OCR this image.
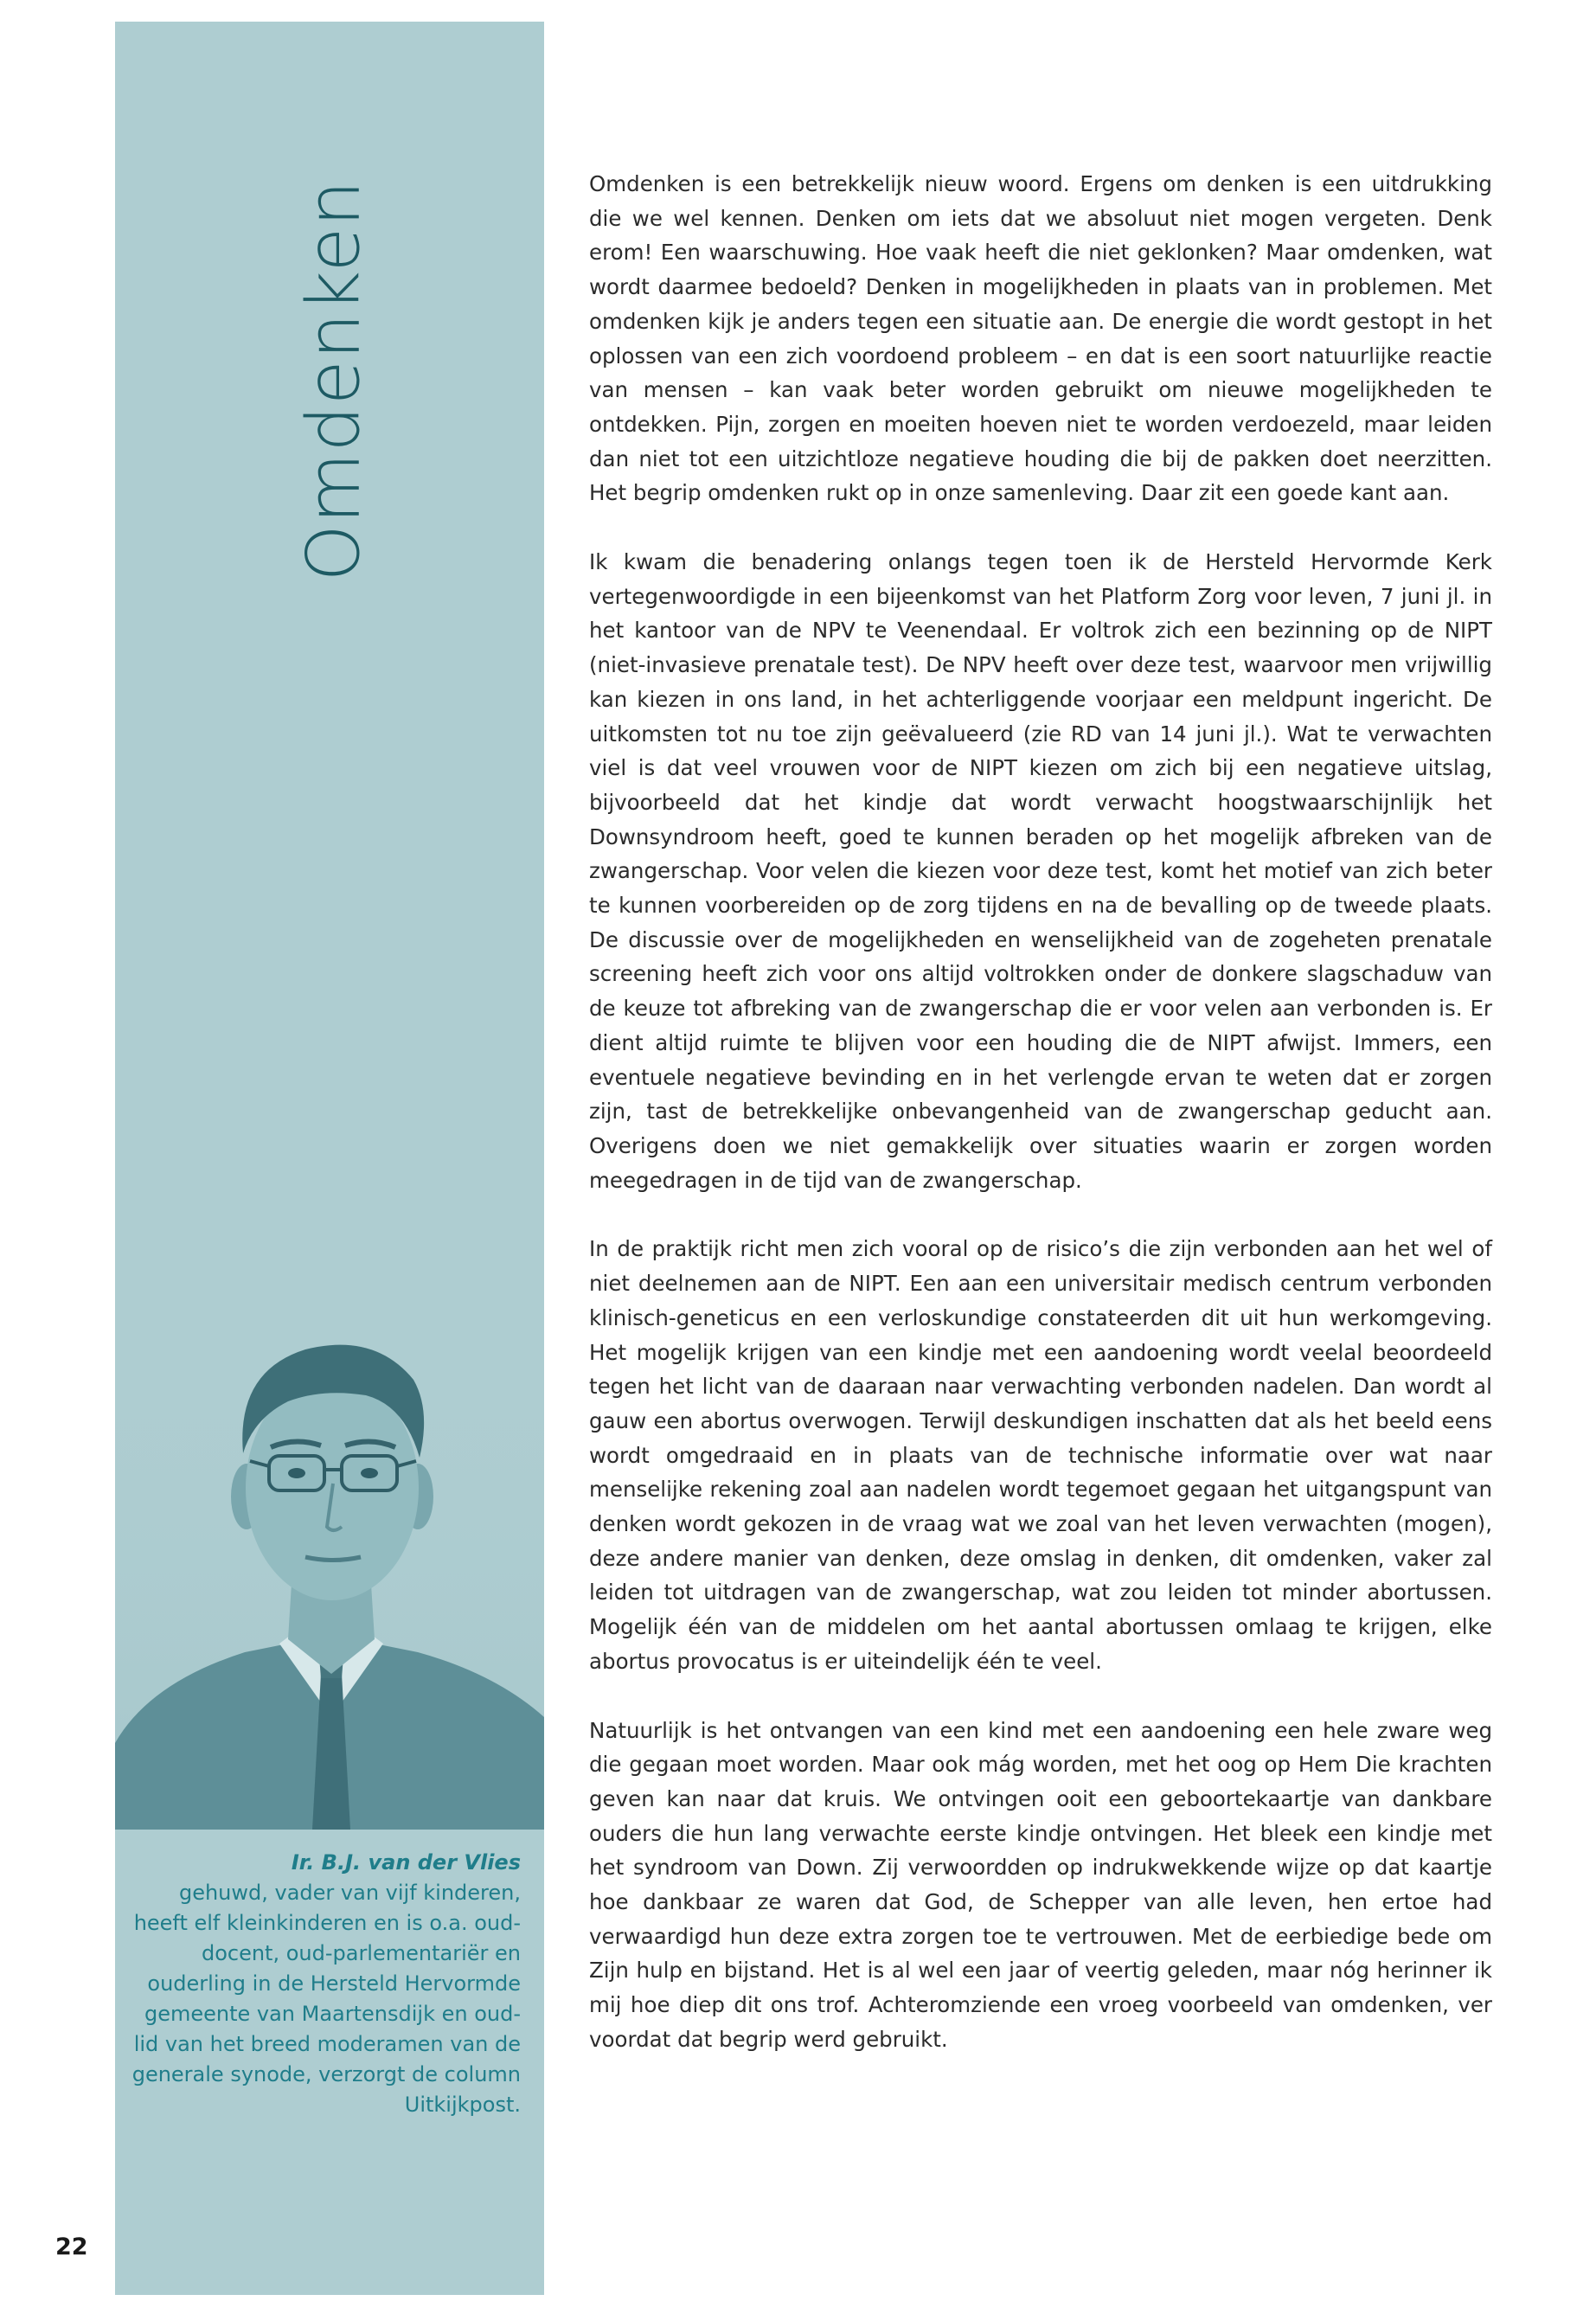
Omdenken
Ir. B.J. van der Vlies
gehuwd, vader van vijf kinderen, heeft elf kleinkinderen en is o.a. oud-docent, oud-parlementariër en ouderling in de Hersteld Hervormde gemeente van Maartensdijk en oud-lid van het breed moderamen van de generale synode, verzorgt de column Uitkijkpost.

Omdenken is een betrekkelijk nieuw woord. Ergens om denken is een uitdrukking die we wel kennen. Denken om iets dat we absoluut niet mogen vergeten. Denk erom! Een waarschuwing. Hoe vaak heeft die niet geklonken? Maar omdenken, wat wordt daarmee bedoeld? Denken in mogelijkheden in plaats van in problemen. Met omdenken kijk je anders tegen een situatie aan. De energie die wordt gestopt in het oplossen van een zich voordoend probleem – en dat is een soort natuurlijke reactie van mensen – kan vaak beter worden gebruikt om nieuwe mogelijkheden te ontdekken. Pijn, zorgen en moeiten hoeven niet te worden verdoezeld, maar leiden dan niet tot een uitzichtloze negatieve houding die bij de pakken doet neerzitten. Het begrip omdenken rukt op in onze samenleving. Daar zit een goede kant aan.

Ik kwam die benadering onlangs tegen toen ik de Hersteld Hervormde Kerk vertegenwoordigde in een bijeenkomst van het Platform Zorg voor leven, 7 juni jl. in het kantoor van de NPV te Veenendaal. Er voltrok zich een bezinning op de NIPT (niet-invasieve prenatale test). De NPV heeft over deze test, waarvoor men vrijwillig kan kiezen in ons land, in het achterliggende voorjaar een meldpunt ingericht. De uitkomsten tot nu toe zijn geëvalueerd (zie RD van 14 juni jl.). Wat te verwachten viel is dat veel vrouwen voor de NIPT kiezen om zich bij een negatieve uitslag, bijvoorbeeld dat het kindje dat wordt verwacht hoogstwaarschijnlijk het Downsyndroom heeft, goed te kunnen beraden op het mogelijk afbreken van de zwangerschap. Voor velen die kiezen voor deze test, komt het motief van zich beter te kunnen voorbereiden op de zorg tijdens en na de bevalling op de tweede plaats. De discussie over de mogelijkheden en wenselijkheid van de zogeheten prenatale screening heeft zich voor ons altijd voltrokken onder de donkere slagschaduw van de keuze tot afbreking van de zwangerschap die er voor velen aan verbonden is. Er dient altijd ruimte te blijven voor een houding die de NIPT afwijst. Immers, een eventuele negatieve bevinding en in het verlengde ervan te weten dat er zorgen zijn, tast de betrekkelijke onbevangenheid van de zwangerschap geducht aan. Overigens doen we niet gemakkelijk over situaties waarin er zorgen worden meegedragen in de tijd van de zwangerschap.

In de praktijk richt men zich vooral op de risico’s die zijn verbonden aan het wel of niet deelnemen aan de NIPT. Een aan een universitair medisch centrum verbonden klinisch-geneticus en een verloskundige constateerden dit uit hun werkomgeving. Het mogelijk krijgen van een kindje met een aandoening wordt veelal beoordeeld tegen het licht van de daaraan naar verwachting verbonden nadelen. Dan wordt al gauw een abortus overwogen. Terwijl deskundigen inschatten dat als het beeld eens wordt omgedraaid en in plaats van de technische informatie over wat naar menselijke rekening zoal aan nadelen wordt tegemoet gegaan het uitgangspunt van denken wordt gekozen in de vraag wat we zoal van het leven verwachten (mogen), deze andere manier van denken, deze omslag in denken, dit omdenken, vaker zal leiden tot uitdragen van de zwangerschap, wat zou leiden tot minder abortussen. Mogelijk één van de middelen om het aantal abortussen omlaag te krijgen, elke abortus provocatus is er uiteindelijk één te veel.

Natuurlijk is het ontvangen van een kind met een aandoening een hele zware weg die gegaan moet worden. Maar ook mág worden, met het oog op Hem Die krachten geven kan naar dat kruis. We ontvingen ooit een geboortekaartje van dankbare ouders die hun lang verwachte eerste kindje ontvingen. Het bleek een kindje met het syndroom van Down. Zij verwoordden op indrukwekkende wijze op dat kaartje hoe dankbaar ze waren dat God, de Schepper van alle leven, hen ertoe had verwaardigd hun deze extra zorgen toe te vertrouwen. Met de eerbiedige bede om Zijn hulp en bijstand. Het is al wel een jaar of veertig geleden, maar nóg herinner ik mij hoe diep dit ons trof. Achteromziende een vroeg voorbeeld van omdenken, ver voordat dat begrip werd gebruikt.

22
